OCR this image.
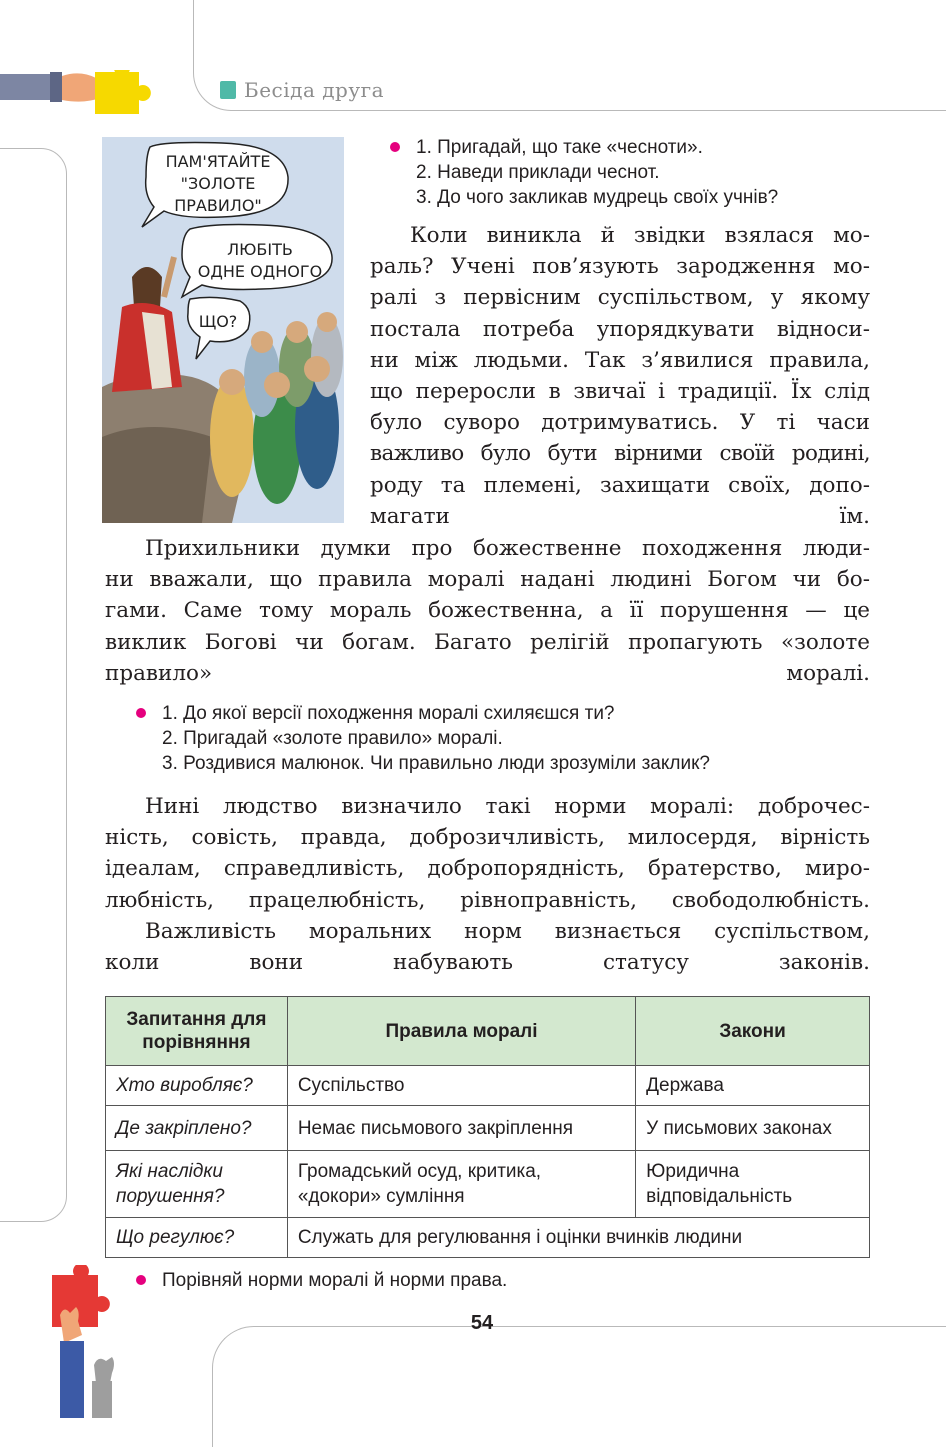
Бесіда друга
ПАМ'ЯТАЙТЕ
"ЗОЛОТЕ
ПРАВИЛО"
ЛЮБІТЬ
ОДНЕ ОДНОГО
ЩО?
1. Пригадай, що таке «чесноти».
2. Наведи приклади чеснот.
3. До чого закликав мудрець своїх учнів?
Коли виникла й звідки взялася мо-
раль? Учені пов’язують зародження мо-
ралі з первісним суспільством, у якому
постала потреба упорядкувати відноси-
ни між людьми. Так з’явилися правила,
що переросли в звичаї і традиції. Їх слід
було суворо дотримуватись. У ті часи
важливо було бути вірними своїй родині,
роду та племені, захищати своїх, допо-
магати їм.
Прихильники думки про божественне походження люди-
ни вважали, що правила моралі надані людині Богом чи бо-
гами. Саме тому мораль божественна, а її порушення — це
виклик Богові чи богам. Багато релігій пропагують «золоте
правило» моралі.
1. До якої версії походження моралі схиляєшся ти?
2. Пригадай «золоте правило» моралі.
3. Роздивися малюнок. Чи правильно люди зрозуміли заклик?
Нині людство визначило такі норми моралі: доброчес-
ність, совість, правда, доброзичливість, милосердя, вірність
ідеалам, справедливість, добропорядність, братерство, миро-
любність, працелюбність, рівноправність, свободолюбність.
Важливість моральних норм визнається суспільством,
коли вони набувають статусу законів.
Запитання для порівняння	Правила моралі	Закони
Хто виробляє?	Суспільство	Держава
Де закріплено?	Немає письмового закріплення	У письмових законах
Які наслідки порушення?	Громадський осуд, критика, «докори» сумління	Юридична відповідальність
Що регулює?	Служать для регулювання і оцінки вчинків людини	
Порівняй норми моралі й норми права.
54
